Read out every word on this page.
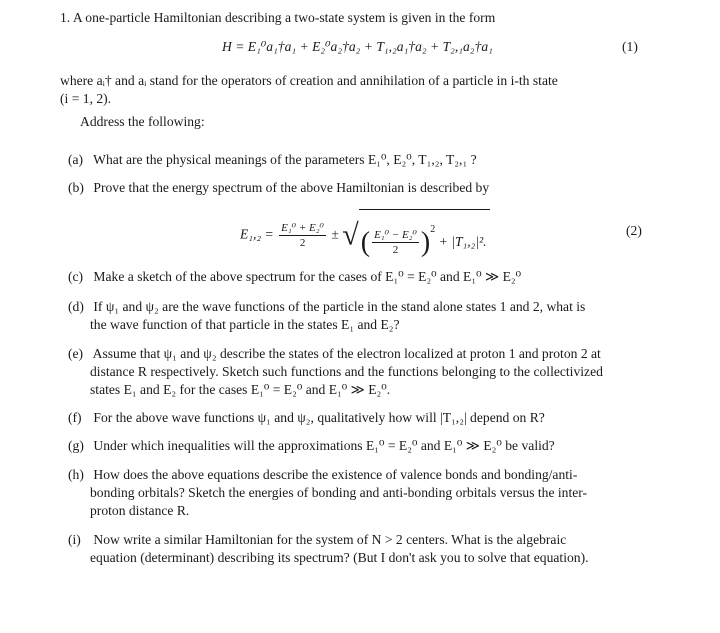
1. A one-particle Hamiltonian describing a two-state system is given in the form
H = E₁⁰a₁†a₁ + E₂⁰a₂†a₂ + T₁,₂a₁†a₂ + T₂,₁a₂†a₁	(1)
where aᵢ† and aᵢ stand for the operators of creation and annihilation of a particle in i-th state
(i = 1, 2).
Address the following:
(a) What are the physical meanings of the parameters E₁⁰, E₂⁰, T₁,₂, T₂,₁ ?
(b) Prove that the energy spectrum of the above Hamiltonian is described by
$E_1,_2 = \frac{\text{E₁⁰ + E₂⁰}}{2}$ ± √( $\frac{\text{E₁⁰ − E₂⁰}}{2} )^2 + |T_1,_2|^2$.
(2)
(c) Make a sketch of the above spectrum for the cases of E₁⁰ = E₂⁰ and E₁⁰ ≫ E₂⁰
(d) If ψ₁ and ψ₂ are the wave functions of the particle in the stand alone states 1 and 2, what is
the wave function of that particle in the states E₁ and E₂?
(e) Assume that ψ₁ and ψ₂ describe the states of the electron localized at proton 1 and proton 2 at
distance R respectively. Sketch such functions and the functions belonging to the collectivized
states E₁ and E₂ for the cases E₁⁰ = E₂⁰ and E₁⁰ ≫ E₂⁰.
(f) For the above wave functions ψ₁ and ψ₂, qualitatively how will |T₁,₂| depend on R?
(g) Under which inequalities will the approximations E₁⁰ = E₂⁰ and E₁⁰ ≫ E₂⁰ be valid?
(h) How does the above equations describe the existence of valence bonds and bonding/anti-
bonding orbitals? Sketch the energies of bonding and anti-bonding orbitals versus the inter-
proton distance R.
(i) Now write a similar Hamiltonian for the system of N > 2 centers. What is the algebraic
equation (determinant) describing its spectrum? (But I don't ask you to solve that equation).
